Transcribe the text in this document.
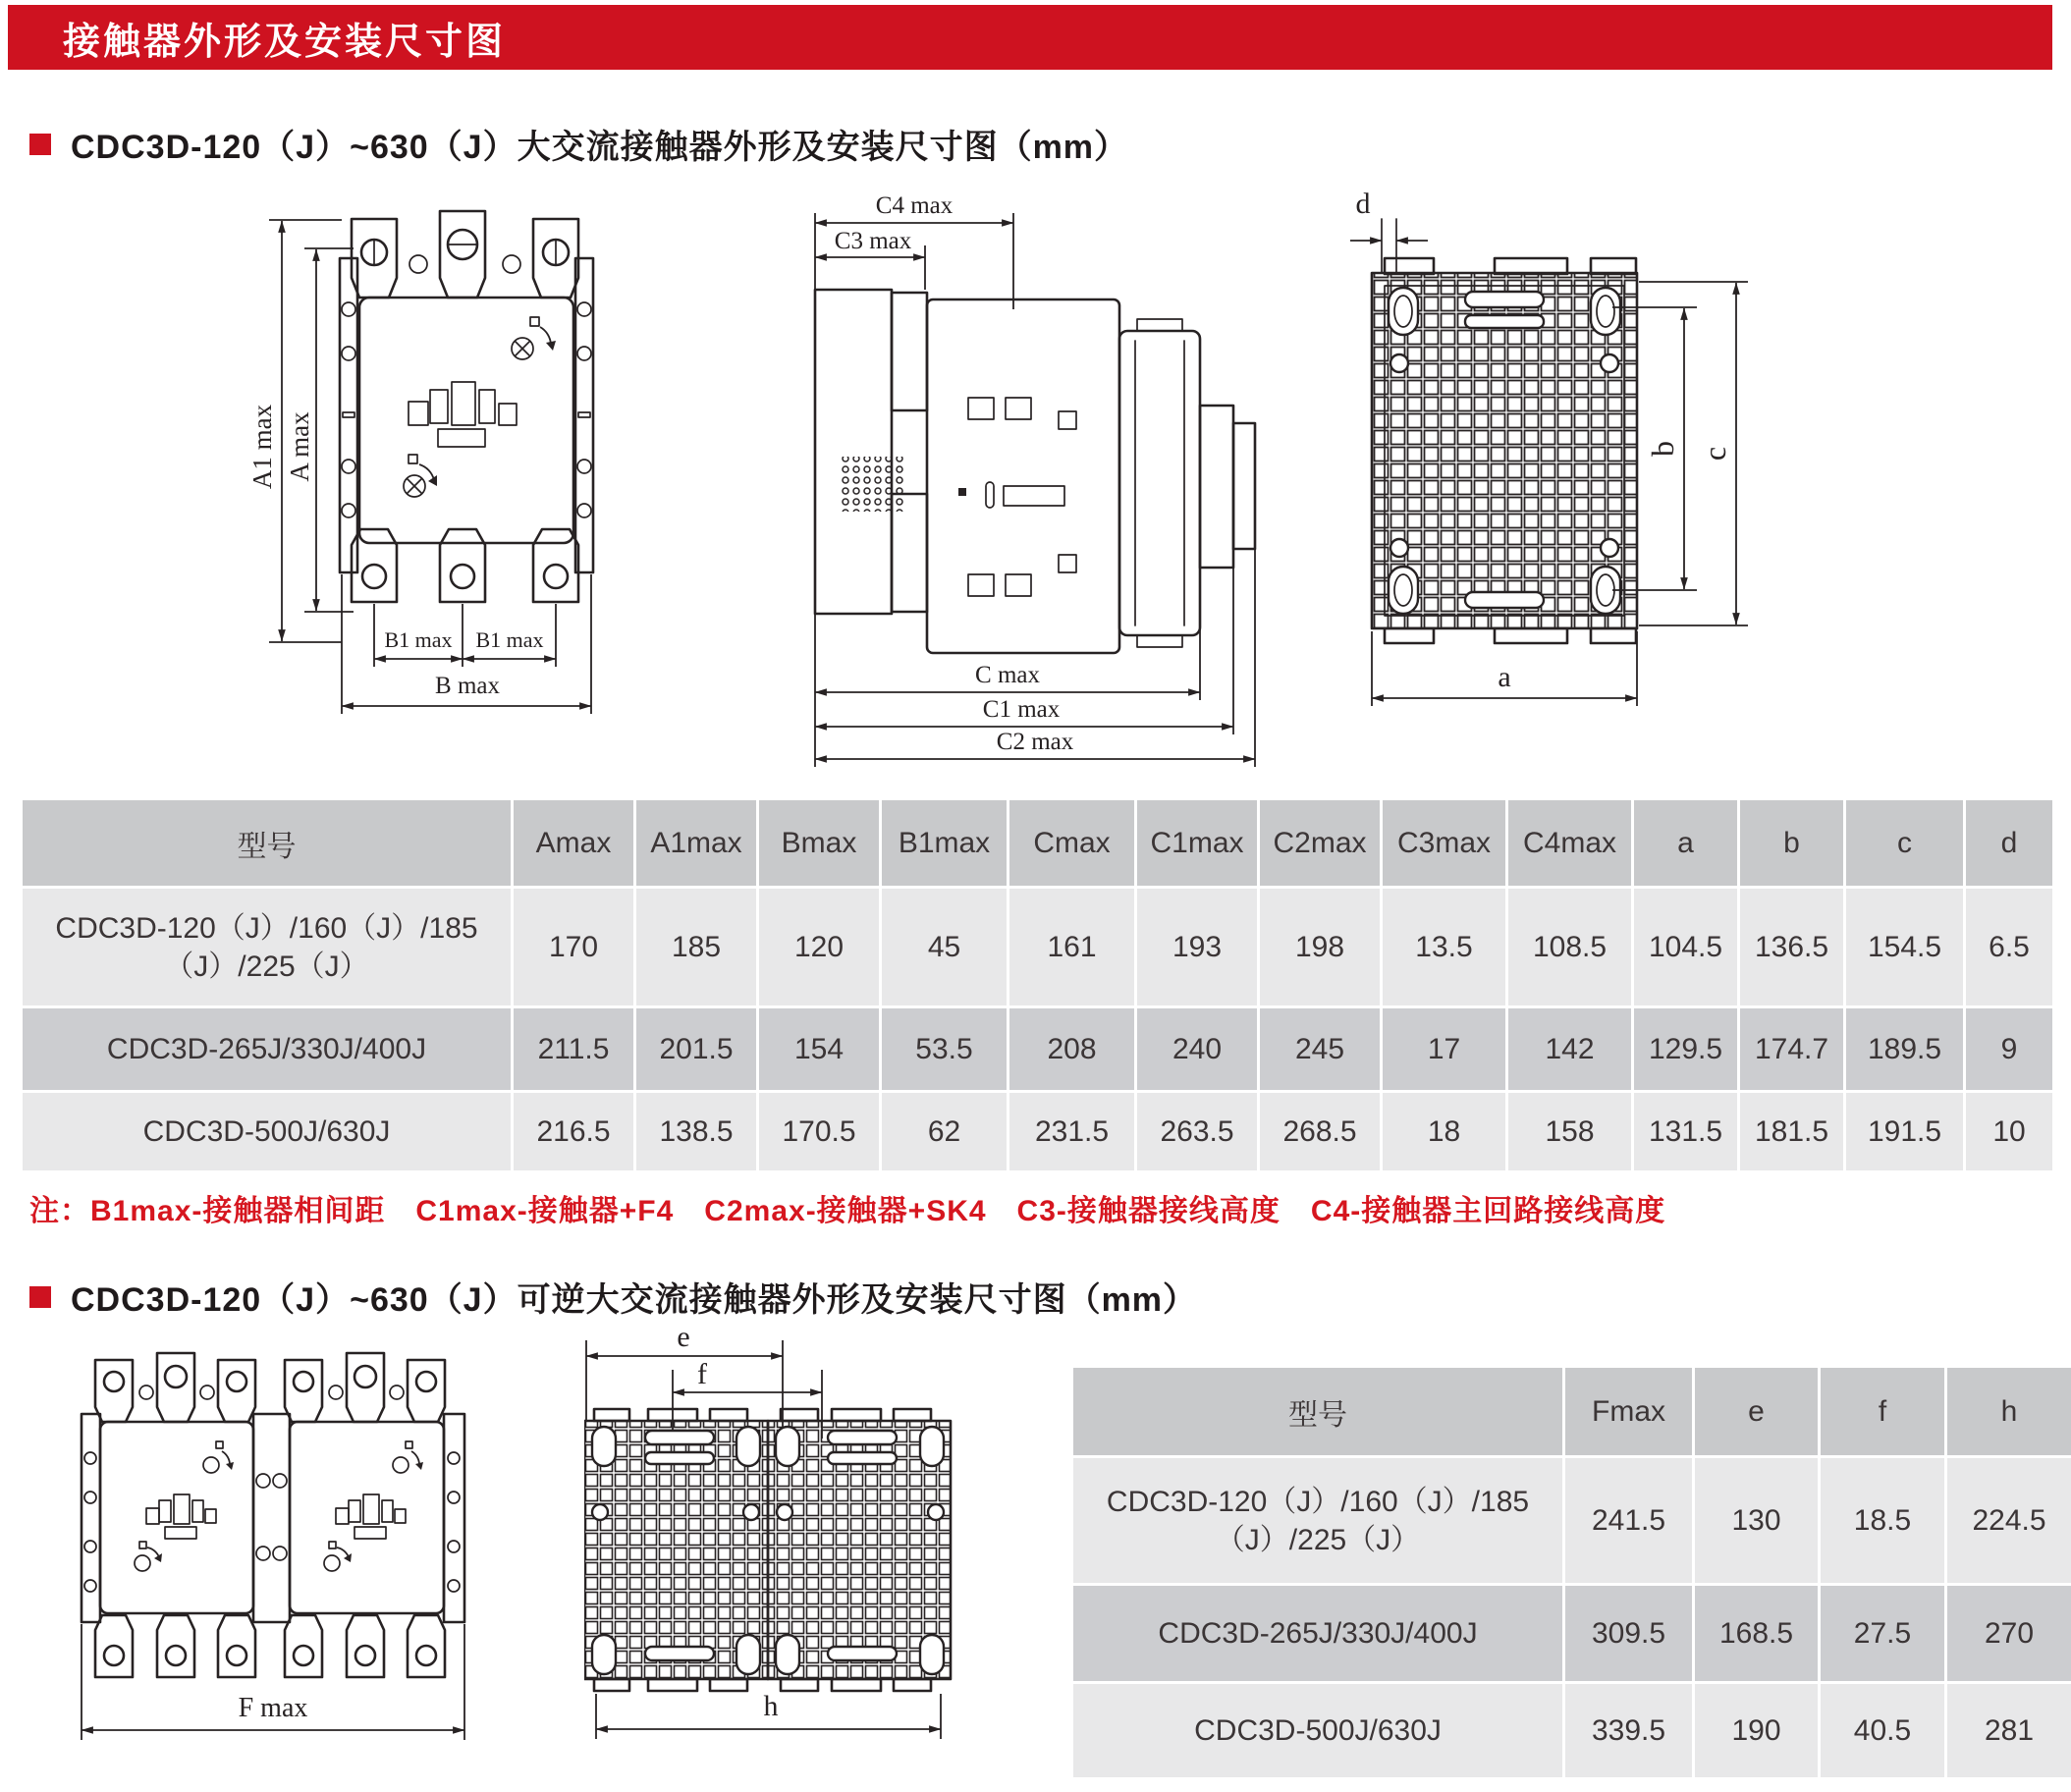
接触器外形及安装尺寸图
CDC3D-120（J）~630（J）大交流接触器外形及安装尺寸图（mm）
A1 max A max
B1 max B1 max
B max
C4 max
C3 max
C max
C1 max
C2 max
d
b c
a
型号	Amax	A1max	Bmax	B1max	Cmax	C1max	C2max	C3max	C4max	a	b	c	d
CDC3D-120（J）/160（J）/185（J）/225（J）	170	185	120	45	161	193	198	13.5	108.5	104.5	136.5	154.5	6.5
CDC3D-265J/330J/400J	211.5	201.5	154	53.5	208	240	245	17	142	129.5	174.7	189.5	9
CDC3D-500J/630J	216.5	138.5	170.5	62	231.5	263.5	268.5	18	158	131.5	181.5	191.5	10
注：B1max-接触器相间距　C1max-接触器+F4　C2max-接触器+SK4　C3-接触器接线高度　C4-接触器主回路接线高度
CDC3D-120（J）~630（J）可逆大交流接触器外形及安装尺寸图（mm）
F max
e
f
h
型号	Fmax	e	f	h
CDC3D-120（J）/160（J）/185（J）/225（J）	241.5	130	18.5	224.5
CDC3D-265J/330J/400J	309.5	168.5	27.5	270
CDC3D-500J/630J	339.5	190	40.5	281
